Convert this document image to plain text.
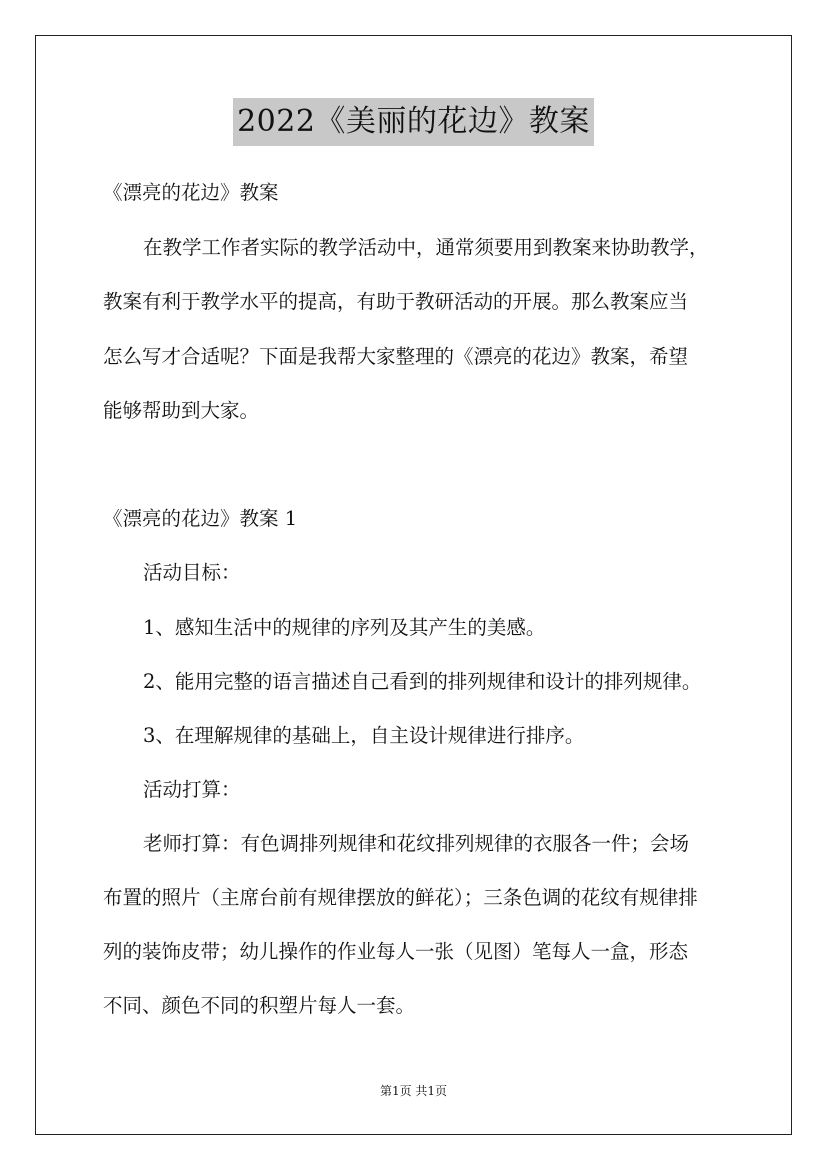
2022《美丽的花边》教案

《漂亮的花边》教案

在教学工作者实际的教学活动中，通常须要用到教案来协助教学，

教案有利于教学水平的提高，有助于教研活动的开展。那么教案应当

怎么写才合适呢？下面是我帮大家整理的《漂亮的花边》教案，希望

能够帮助到大家。

《漂亮的花边》教案 1

活动目标：

1、感知生活中的规律的序列及其产生的美感。

2、能用完整的语言描述自己看到的排列规律和设计的排列规律。

3、在理解规律的基础上，自主设计规律进行排序。

活动打算：

老师打算：有色调排列规律和花纹排列规律的衣服各一件；会场

布置的照片（主席台前有规律摆放的鲜花）；三条色调的花纹有规律排

列的装饰皮带；幼儿操作的作业每人一张（见图）笔每人一盒，形态

不同、颜色不同的积塑片每人一套。

第1页 共1页
